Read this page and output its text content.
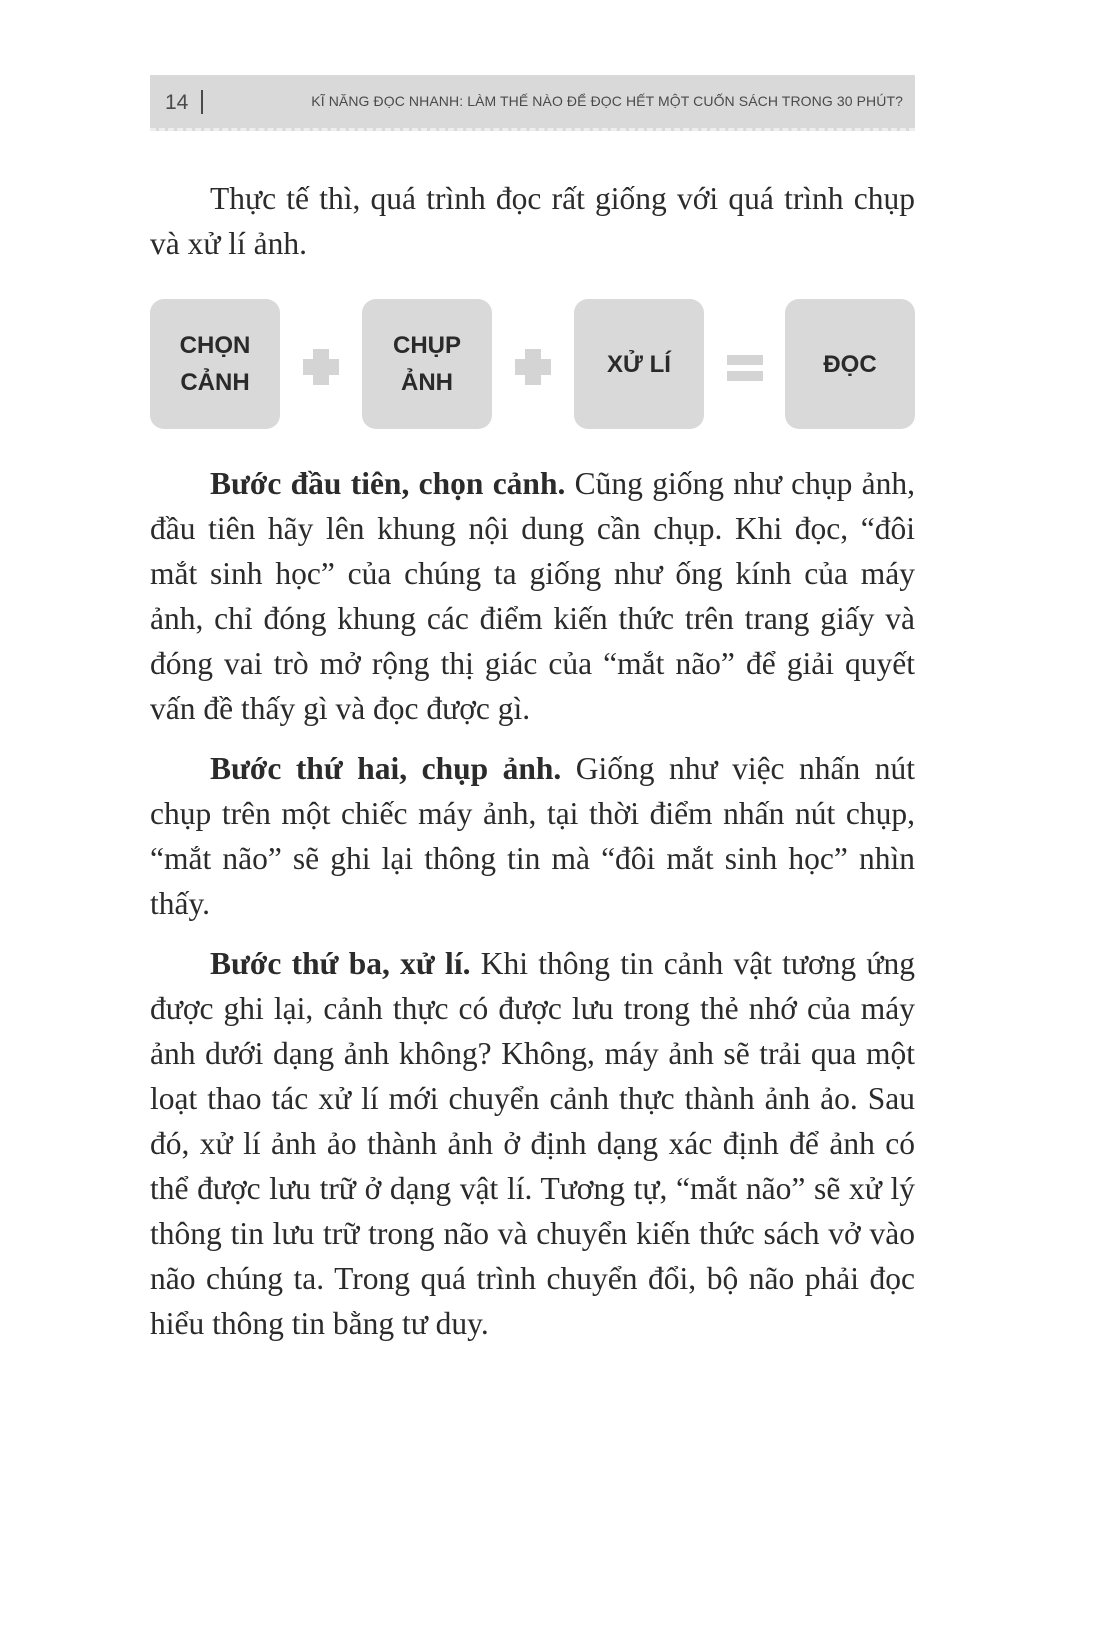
14	KĨ NĂNG ĐỌC NHANH: LÀM THẾ NÀO ĐỂ ĐỌC HẾT MỘT CUỐN SÁCH TRONG 30 PHÚT?

Thực tế thì, quá trình đọc rất giống với quá trình chụp và xử lí ảnh.

CHỌN
CẢNH
CHỤP
ẢNH
XỬ LÍ	ĐỌC

Bước đầu tiên, chọn cảnh. Cũng giống như chụp ảnh, đầu tiên hãy lên khung nội dung cần chụp. Khi đọc, “đôi mắt sinh học” của chúng ta giống như ống kính của máy ảnh, chỉ đóng khung các điểm kiến thức trên trang giấy và đóng vai trò mở rộng thị giác của “mắt não” để giải quyết vấn đề thấy gì và đọc được gì.

Bước thứ hai, chụp ảnh. Giống như việc nhấn nút chụp trên một chiếc máy ảnh, tại thời điểm nhấn nút chụp, “mắt não” sẽ ghi lại thông tin mà “đôi mắt sinh học” nhìn thấy.

Bước thứ ba, xử lí. Khi thông tin cảnh vật tương ứng được ghi lại, cảnh thực có được lưu trong thẻ nhớ của máy ảnh dưới dạng ảnh không? Không, máy ảnh sẽ trải qua một loạt thao tác xử lí mới chuyển cảnh thực thành ảnh ảo. Sau đó, xử lí ảnh ảo thành ảnh ở định dạng xác định để ảnh có thể được lưu trữ ở dạng vật lí. Tương tự, “mắt não” sẽ xử lý thông tin lưu trữ trong não và chuyển kiến thức sách vở vào não chúng ta. Trong quá trình chuyển đổi, bộ não phải đọc hiểu thông tin bằng tư duy.
